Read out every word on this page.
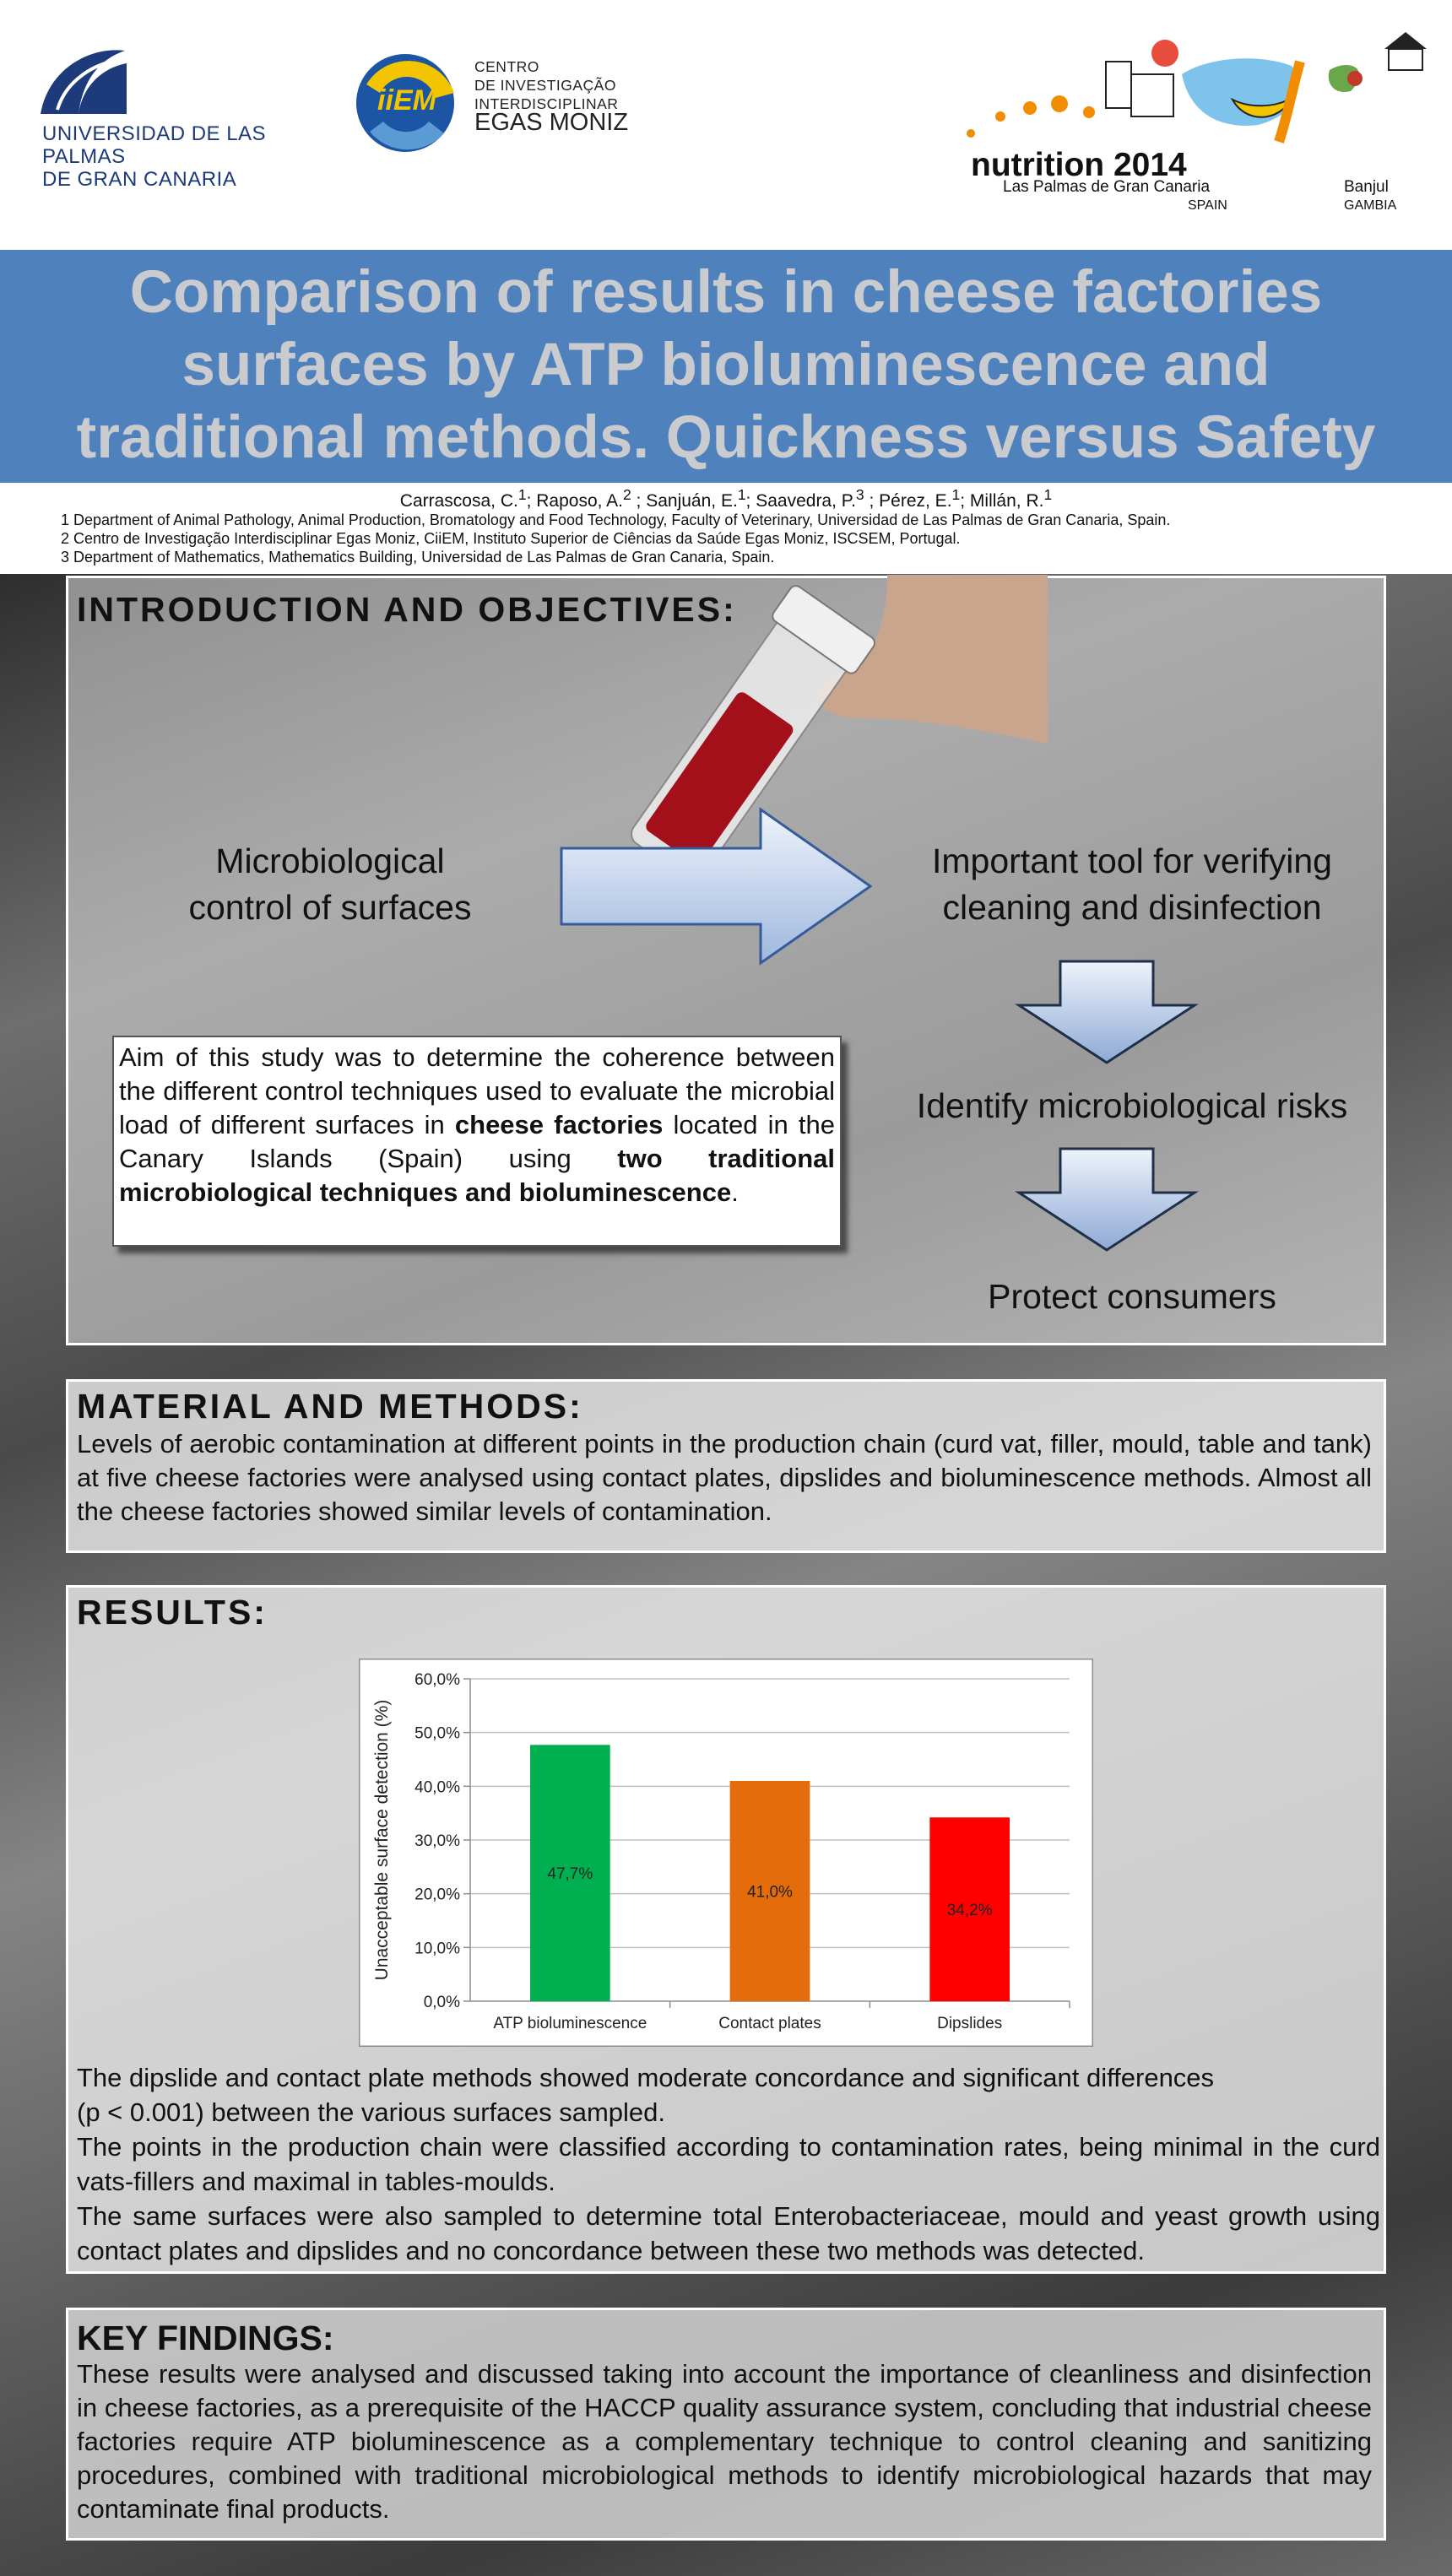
UNIVERSIDAD DE LAS PALMAS
DE GRAN CANARIA
iiEM
CENTRO
DE INVESTIGAÇÃO
INTERDISCIPLINAR
EGAS MONIZ
nutrition 2014
Las Palmas de Gran Canaria
SPAIN
Banjul
GAMBIA
Comparison of results in cheese factories
surfaces by ATP bioluminescence and
traditional methods. Quickness versus Safety
Carrascosa, C.$^1$; Raposo, A.$^2$ ; Sanjuán, E.$^1$; Saavedra, P.$^3$ ; Pérez, E.$^1$; Millán, R.$^1$
1 Department of Animal Pathology, Animal Production, Bromatology and Food Technology, Faculty of Veterinary, Universidad de Las Palmas de Gran Canaria, Spain.
2 Centro de Investigação Interdisciplinar Egas Moniz, CiiEM, Instituto Superior de Ciências da Saúde Egas Moniz, ISCSEM, Portugal.
3 Department of Mathematics, Mathematics Building, Universidad de Las Palmas de Gran Canaria, Spain.
INTRODUCTION AND OBJECTIVES:
Microbiological
control of surfaces
Important tool for verifying
cleaning and disinfection
Identify microbiological risks
Protect consumers
Aim of this study was to determine the coherence between the different control techniques used to evaluate the microbial load of different surfaces in cheese factories located in the Canary Islands (Spain) using two traditional microbiological techniques and bioluminescence.
MATERIAL AND METHODS:
Levels of aerobic contamination at different points in the production chain (curd vat, filler, mould, table and tank) at five cheese factories were analysed using contact plates, dipslides and bioluminescence methods. Almost all the cheese factories showed similar levels of contamination.
RESULTS:
0,0%
10,0%
20,0%
30,0%
40,0%
50,0%
60,0%
47,7%
ATP bioluminescence
41,0%
Contact plates
34,2%
Dipslides
Unacceptable surface detection (%)

The dipslide and contact plate methods showed moderate concordance and significant differences

(p < 0.001) between the various surfaces sampled.

The points in the production chain were classified according to contamination rates, being minimal in the curd vats-fillers and maximal in tables-moulds.

The same surfaces were also sampled to determine total Enterobacteriaceae, mould and yeast growth using contact plates and dipslides and no concordance between these two methods was detected.

KEY FINDINGS:
These results were analysed and discussed taking into account the importance of cleanliness and disinfection in cheese factories, as a prerequisite of the HACCP quality assurance system, concluding that industrial cheese factories require ATP bioluminescence as a complementary technique to control cleaning and sanitizing procedures, combined with traditional microbiological methods to identify microbiological hazards that may contaminate final products.
